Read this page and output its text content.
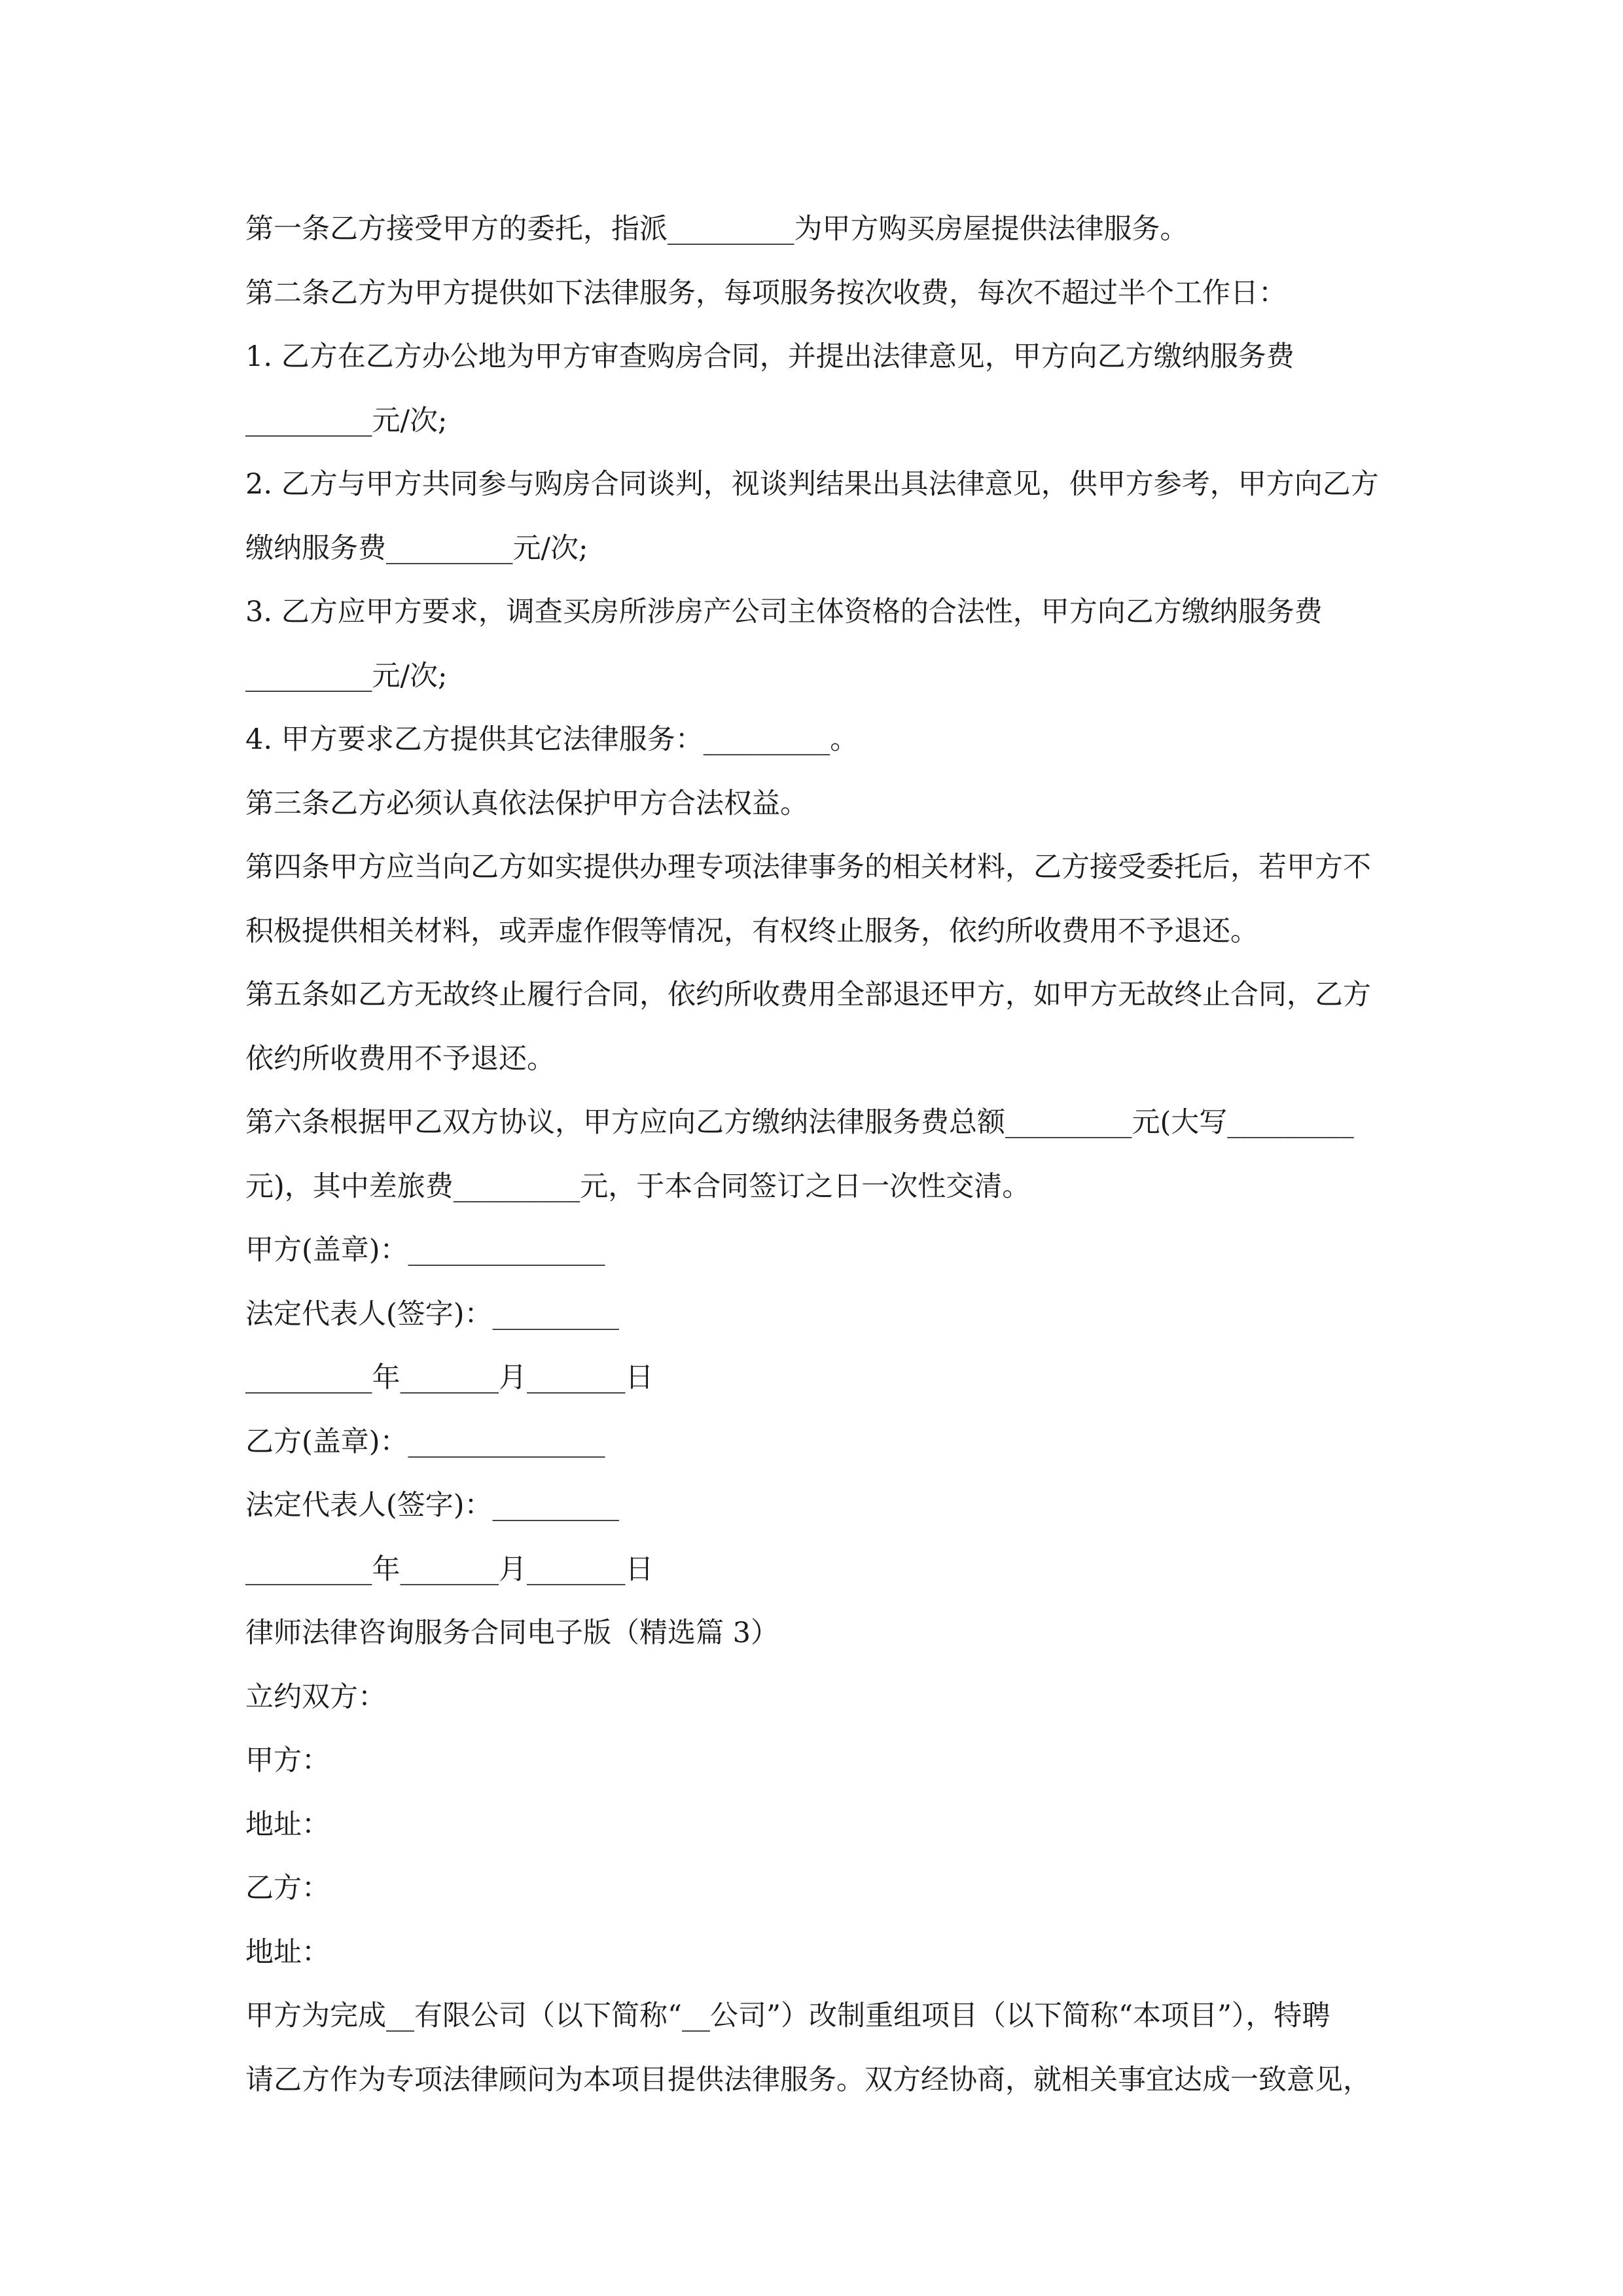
第一条乙方接受甲方的委托，指派_________为甲方购买房屋提供法律服务。
第二条乙方为甲方提供如下法律服务，每项服务按次收费，每次不超过半个工作日：
1. 乙方在乙方办公地为甲方审查购房合同，并提出法律意见，甲方向乙方缴纳服务费
_________元/次;
2. 乙方与甲方共同参与购房合同谈判，视谈判结果出具法律意见，供甲方参考，甲方向乙方
缴纳服务费_________元/次;
3. 乙方应甲方要求，调查买房所涉房产公司主体资格的合法性，甲方向乙方缴纳服务费
_________元/次;
4. 甲方要求乙方提供其它法律服务：_________。
第三条乙方必须认真依法保护甲方合法权益。
第四条甲方应当向乙方如实提供办理专项法律事务的相关材料，乙方接受委托后，若甲方不
积极提供相关材料，或弄虚作假等情况，有权终止服务，依约所收费用不予退还。
第五条如乙方无故终止履行合同，依约所收费用全部退还甲方，如甲方无故终止合同，乙方
依约所收费用不予退还。
第六条根据甲乙双方协议，甲方应向乙方缴纳法律服务费总额_________元(大写_________
元)，其中差旅费_________元，于本合同签订之日一次性交清。
甲方(盖章)：______________
法定代表人(签字)：_________
_________年_______月_______日
乙方(盖章)：______________
法定代表人(签字)：_________
_________年_______月_______日
律师法律咨询服务合同电子版（精选篇 3）
立约双方：
甲方：
地址：
乙方：
地址：
甲方为完成__有限公司（以下简称“__公司”）改制重组项目（以下简称“本项目”），特聘
请乙方作为专项法律顾问为本项目提供法律服务。双方经协商，就相关事宜达成一致意见，
